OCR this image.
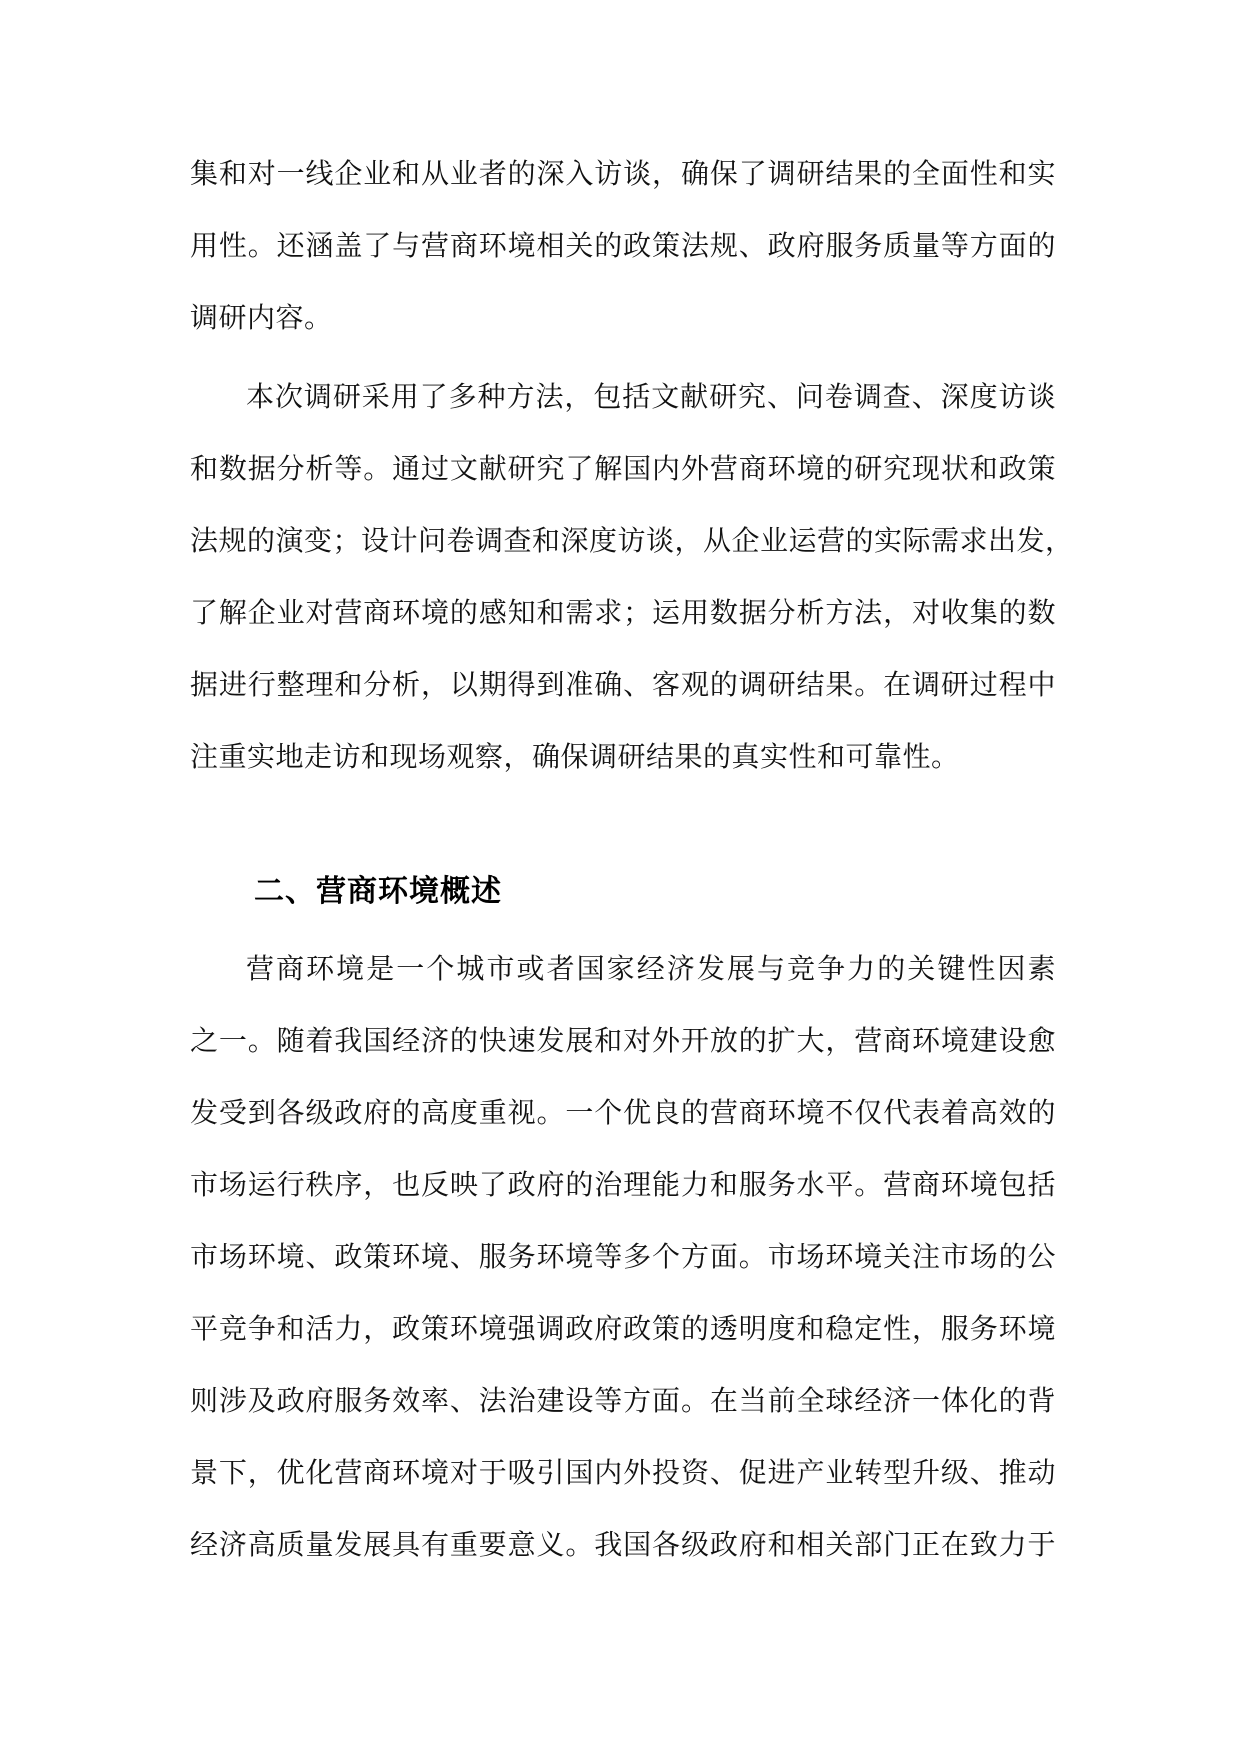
集和对一线企业和从业者的深入访谈，确保了调研结果的全面性和实
用性。还涵盖了与营商环境相关的政策法规、政府服务质量等方面的
调研内容。
本次调研采用了多种方法，包括文献研究、问卷调查、深度访谈
和数据分析等。通过文献研究了解国内外营商环境的研究现状和政策
法规的演变；设计问卷调查和深度访谈，从企业运营的实际需求出发，
了解企业对营商环境的感知和需求；运用数据分析方法，对收集的数
据进行整理和分析，以期得到准确、客观的调研结果。在调研过程中
注重实地走访和现场观察，确保调研结果的真实性和可靠性。
二、营商环境概述
营商环境是一个城市或者国家经济发展与竞争力的关键性因素
之一。随着我国经济的快速发展和对外开放的扩大，营商环境建设愈
发受到各级政府的高度重视。一个优良的营商环境不仅代表着高效的
市场运行秩序，也反映了政府的治理能力和服务水平。营商环境包括
市场环境、政策环境、服务环境等多个方面。市场环境关注市场的公
平竞争和活力，政策环境强调政府政策的透明度和稳定性，服务环境
则涉及政府服务效率、法治建设等方面。在当前全球经济一体化的背
景下，优化营商环境对于吸引国内外投资、促进产业转型升级、推动
经济高质量发展具有重要意义。我国各级政府和相关部门正在致力于
